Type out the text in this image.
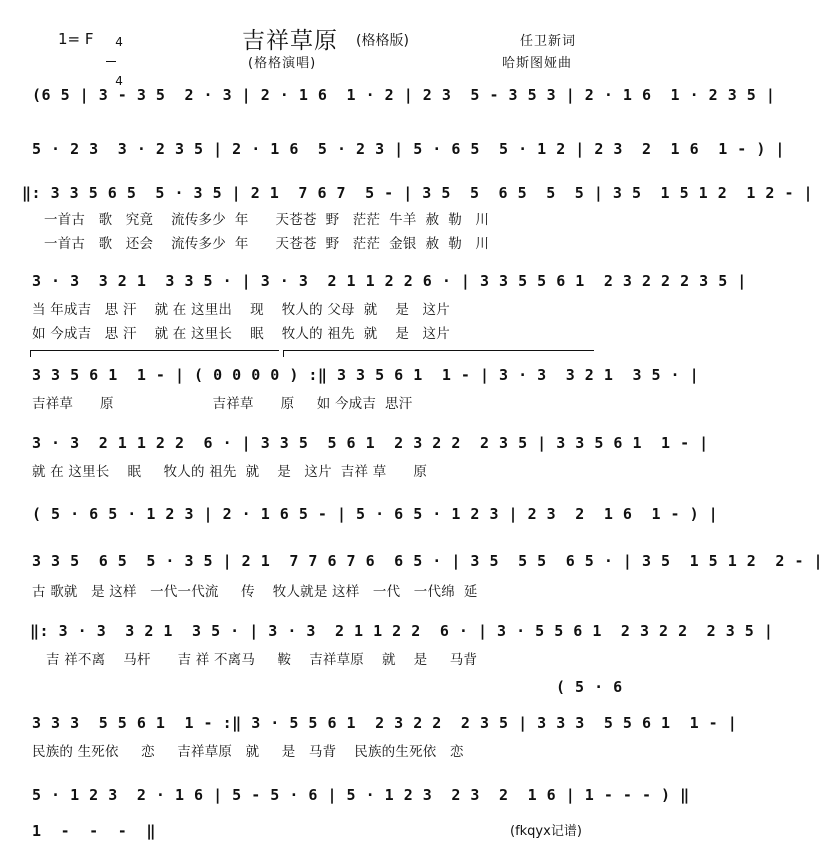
1= F	4

4

吉祥草原 (格格版)
(格格演唱)
任卫新词
哈斯图娅曲
(6 5 | 3 - 3 5  2 · 3 | 2 · 1 6  1 · 2 | 2 3  5 - 3 5 3 | 2 · 1 6  1 · 2 3 5 |
5 · 2 3  3 · 2 3 5 | 2 · 1 6  5 · 2 3 | 5 · 6 5  5 · 1 2 | 2 3  2  1 6  1 - ) |
‖: 3 3 5 6 5  5 · 3 5 | 2 1  7 6 7  5 - | 3 5  5  6 5  5  5 | 3 5  1 5 1 2  1 2 - |
一首古   歌   究竟    流传多少  年      天苍苍  野   茫茫  牛羊  赦  勒   川
一首古   歌   还会    流传多少  年      天苍苍  野   茫茫  金银  赦  勒   川
3 · 3  3 2 1  3 3 5 · | 3 · 3  2 1 1 2 2 6 · | 3 3 5 5 6 1  2 3 2 2 2 3 5 |
当 年成吉   思 汗    就 在 这里出    现    牧人的 父母  就    是   这片
如 今成吉   思 汗    就 在 这里长    眠    牧人的 祖先  就    是   这片
3 3 5 6 1  1 - | ( 0 0 0 0 ) :‖ 3 3 5 6 1  1 - | 3 · 3  3 2 1  3 5 · |
吉祥草      原                      吉祥草      原     如 今成吉  思汗
3 · 3  2 1 1 2 2  6 · | 3 3 5  5 6 1  2 3 2 2  2 3 5 | 3 3 5 6 1  1 - |
就 在 这里长    眠     牧人的 祖先  就    是   这片  吉祥 草      原
( 5 · 6 5 · 1 2 3 | 2 · 1 6 5 - | 5 · 6 5 · 1 2 3 | 2 3  2  1 6  1 - ) |
3 3 5  6 5  5 · 3 5 | 2 1  7 7 6 7 6  6 5 · | 3 5  5 5  6 5 · | 3 5  1 5 1 2  2 - |
古 歌就   是 这样   一代一代流     传    牧人就是 这样   一代   一代绵  延
‖: 3 · 3  3 2 1  3 5 · | 3 · 3  2 1 1 2 2  6 · | 3 · 5 5 6 1  2 3 2 2  2 3 5 |
吉 祥不离    马杆      吉 祥 不离马     鞍    吉祥草原    就    是     马背
( 5 · 6
3 3 3  5 5 6 1  1 - :‖ 3 · 5 5 6 1  2 3 2 2  2 3 5 | 3 3 3  5 5 6 1  1 - |
民族的 生死依     恋     吉祥草原   就     是   马背    民族的生死依   恋
5 · 1 2 3  2 · 1 6 | 5 - 5 · 6 | 5 · 1 2 3  2 3  2  1 6 | 1 - - - ) ‖
1  -  -  -  ‖	(fkqyx记谱)
